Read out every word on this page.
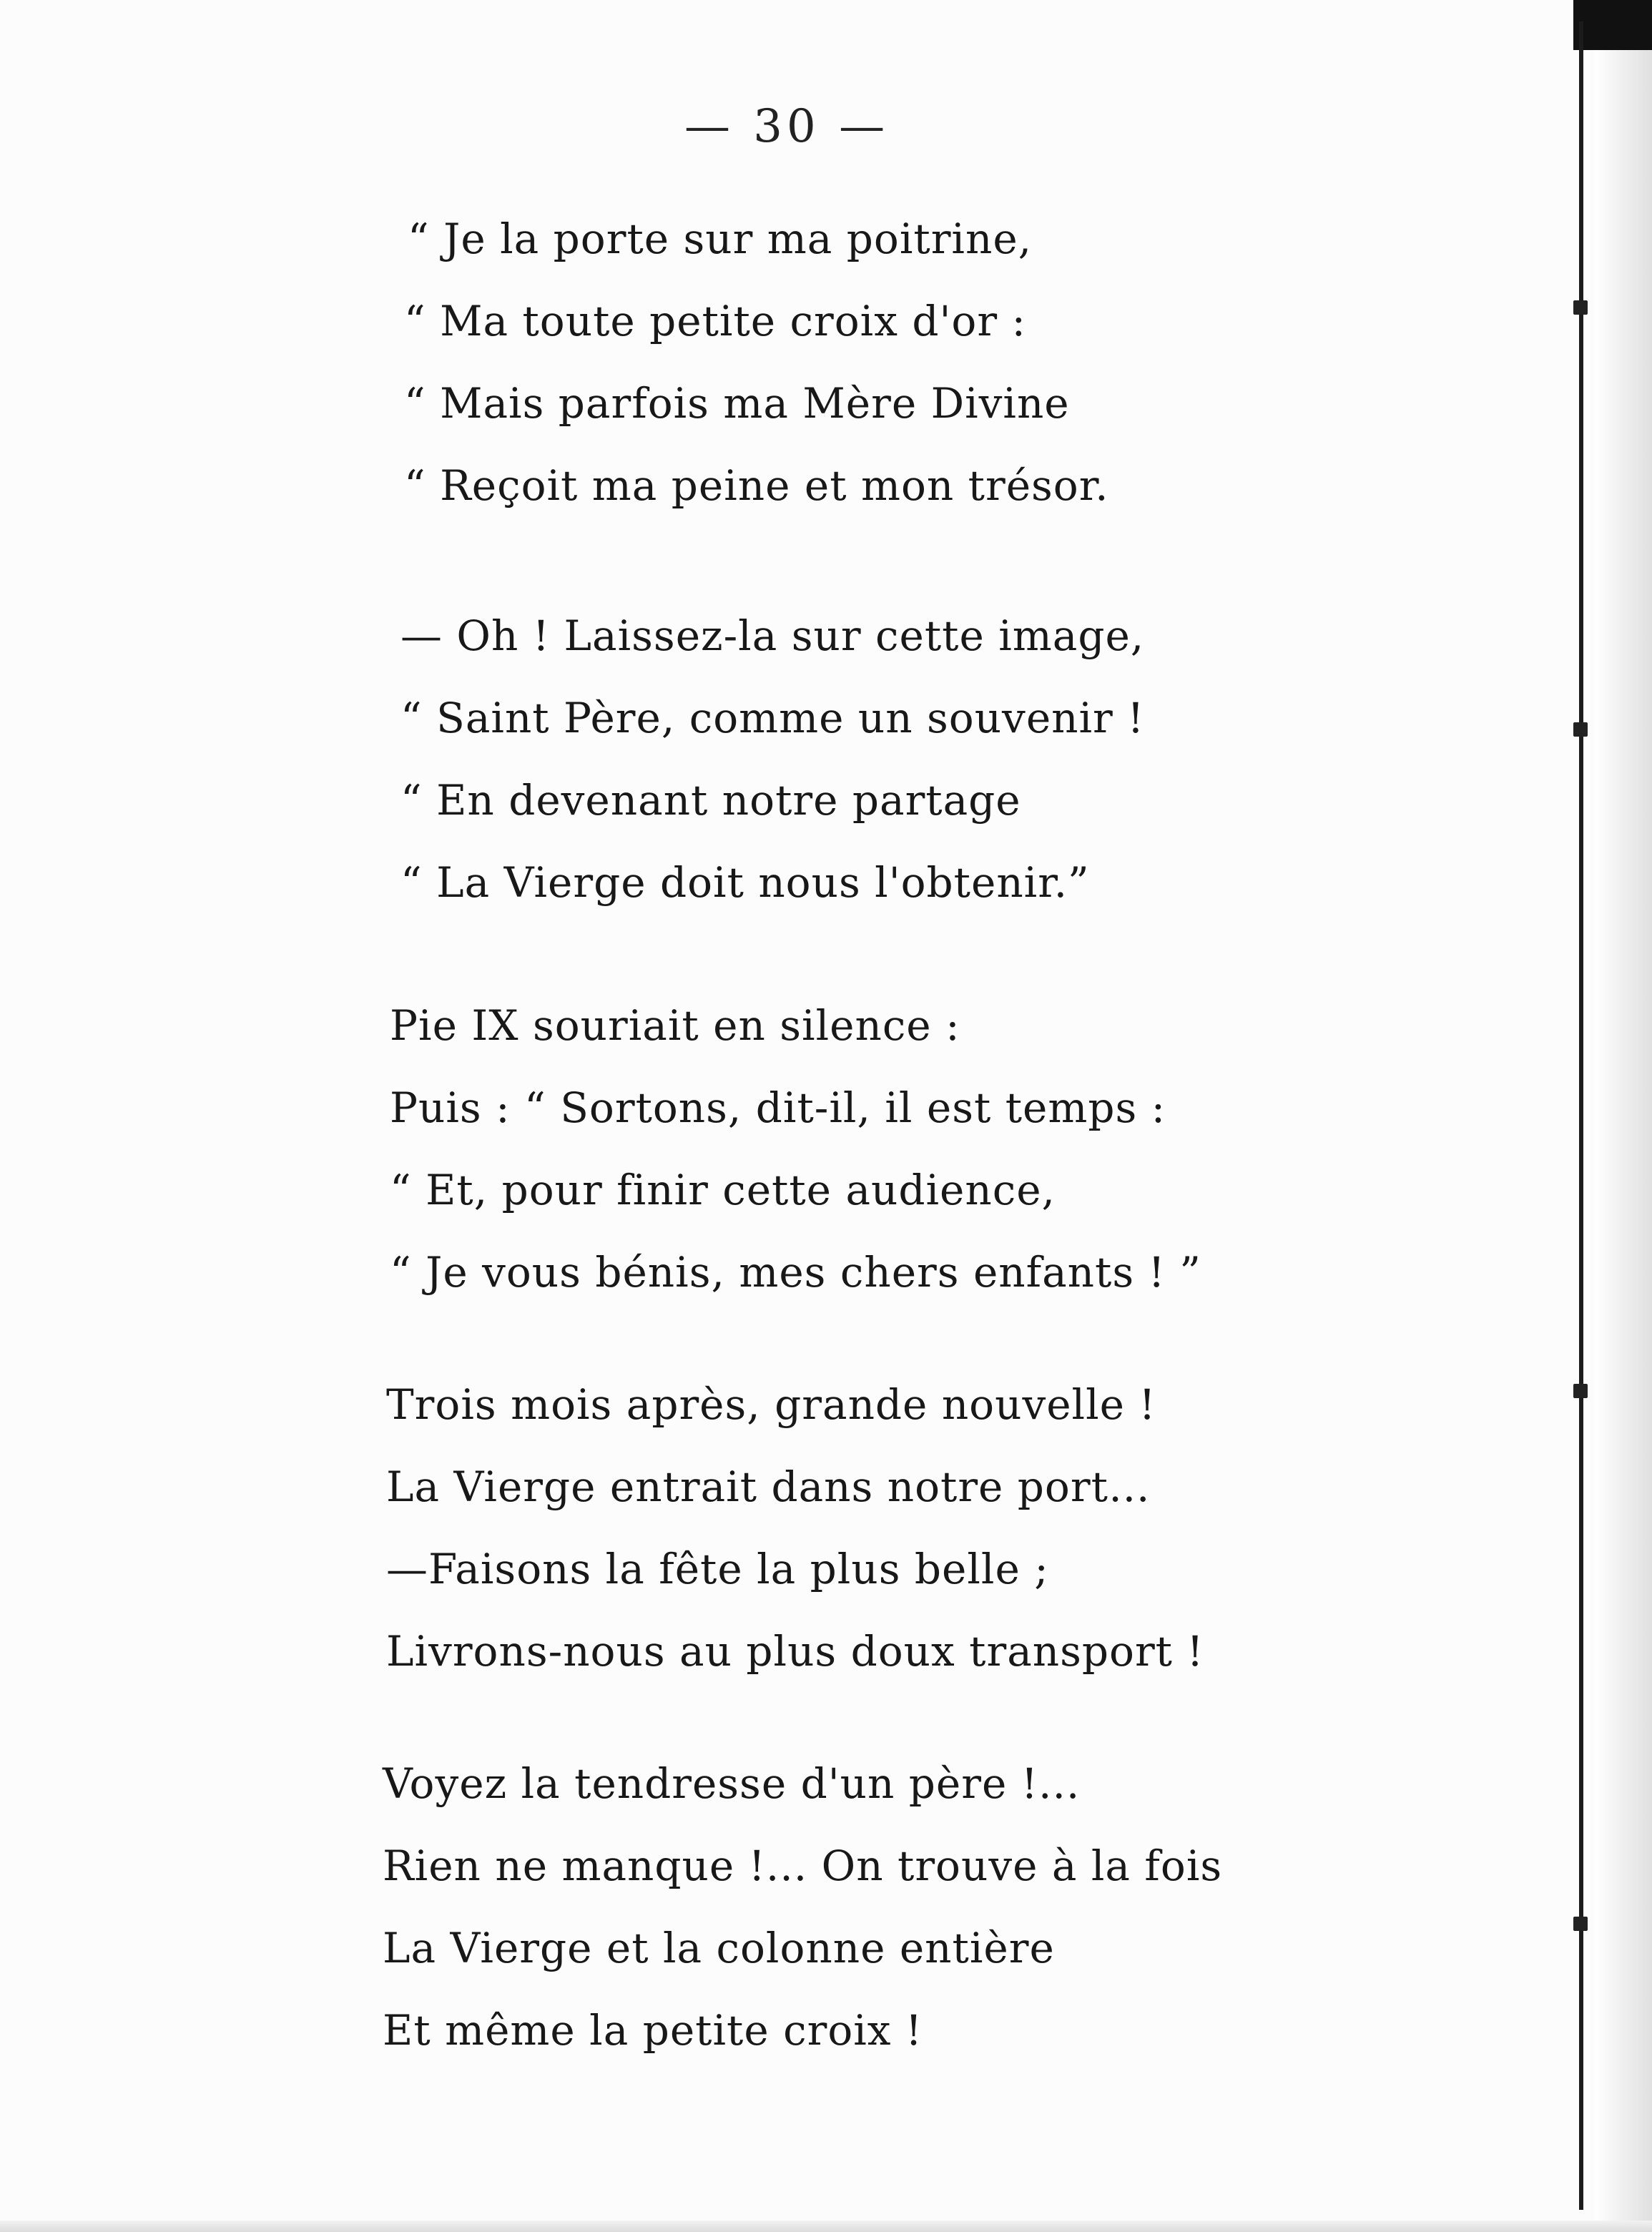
— 30 —
“ Je la porte sur ma poitrine,
“ Ma toute petite croix d'or :
“ Mais parfois ma Mère Divine
“ Reçoit ma peine et mon trésor.
— Oh ! Laissez-la sur cette image,
“ Saint Père, comme un souvenir !
“ En devenant notre partage
“ La Vierge doit nous l'obtenir.”
Pie IX souriait en silence :
Puis : “ Sortons, dit-il, il est temps :
“ Et, pour finir cette audience,
“ Je vous bénis, mes chers enfants ! ”
Trois mois après, grande nouvelle !
La Vierge entrait dans notre port…
—Faisons la fête la plus belle ;
Livrons-nous au plus doux transport !
Voyez la tendresse d'un père !...
Rien ne manque !... On trouve à la fois
La Vierge et la colonne entière
Et même la petite croix !
